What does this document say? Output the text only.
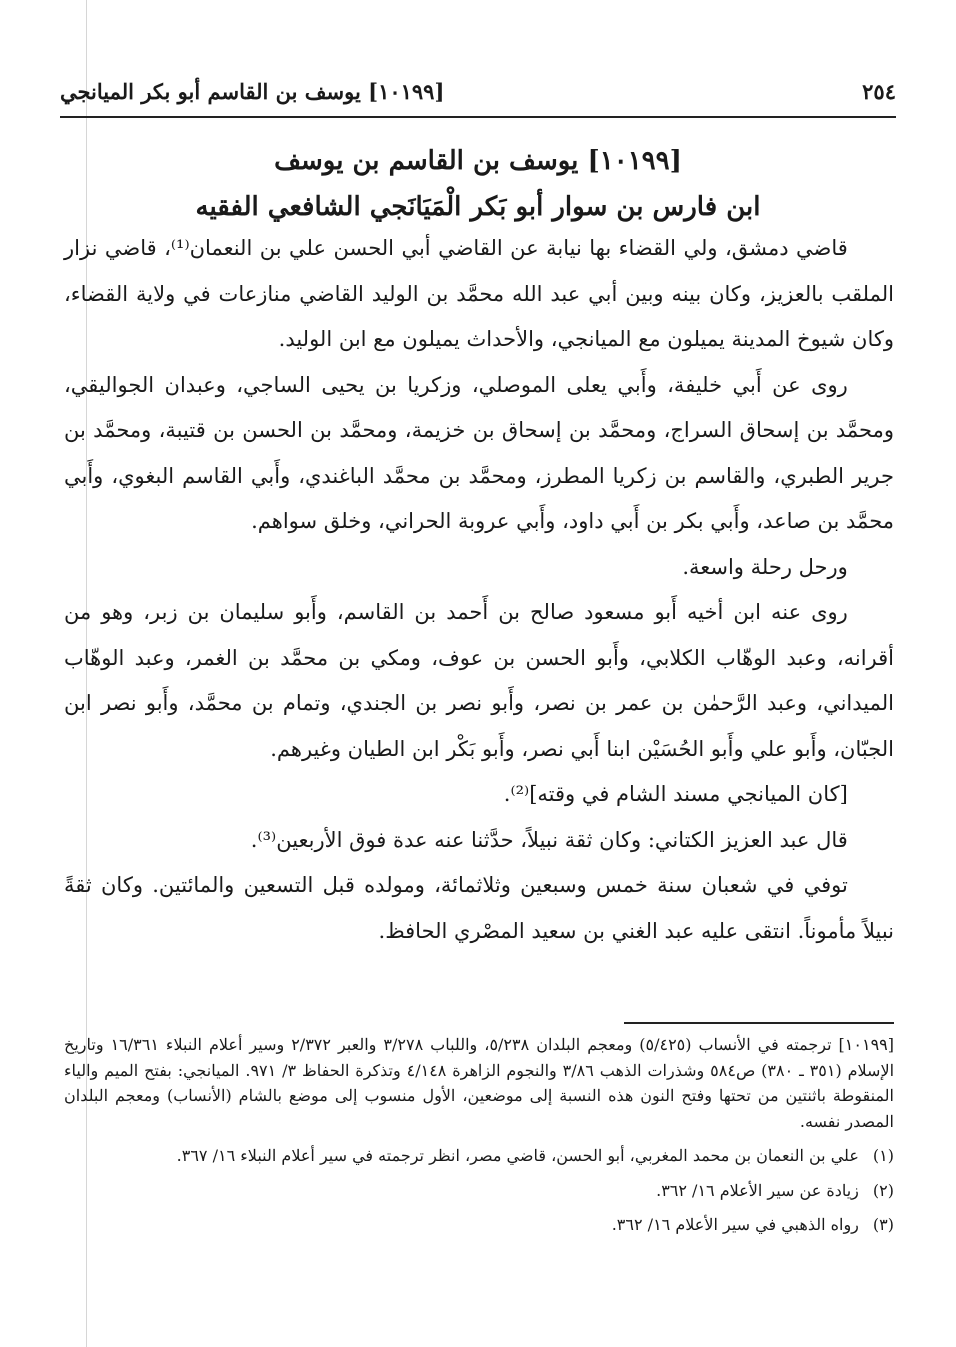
٢٥٤
[١٠١٩٩] يوسف بن القاسم أبو بكر الميانجي
[١٠١٩٩] يوسف بن القاسم بن يوسف
ابن فارس بن سوار أبو بَكر الْمَيَانَجي الشافعي الفقيه

قاضي دمشق، ولي القضاء بها نيابة عن القاضي أبي الحسن علي بن النعمان⁽¹⁾، قاضي نزار الملقب بالعزيز، وكان بينه وبين أبي عبد الله محمَّد بن الوليد القاضي منازعات في ولاية القضاء، وكان شيوخ المدينة يميلون مع الميانجي، والأحداث يميلون مع ابن الوليد.

روى عن أَبي خليفة، وأَبي يعلى الموصلي، وزكريا بن يحيى الساجي، وعبدان الجواليقي، ومحمَّد بن إسحاق السراج، ومحمَّد بن إسحاق بن خزيمة، ومحمَّد بن الحسن بن قتيبة، ومحمَّد بن جرير الطبري، والقاسم بن زكريا المطرز، ومحمَّد بن محمَّد الباغندي، وأَبي القاسم البغوي، وأَبي محمَّد بن صاعد، وأَبي بكر بن أَبي داود، وأَبي عروبة الحراني، وخلق سواهم.

ورحل رحلة واسعة.

روى عنه ابن أخيه أَبو مسعود صالح بن أَحمد بن القاسم، وأَبو سليمان بن زبر، وهو من أقرانه، وعبد الوهّاب الكلابي، وأَبو الحسن بن عوف، ومكي بن محمَّد بن الغمر، وعبد الوهّاب الميداني، وعبد الرَّحمٰن بن عمر بن نصر، وأَبو نصر بن الجندي، وتمام بن محمَّد، وأَبو نصر ابن الجبّان، وأَبو علي وأَبو الحُسَيْن ابنا أَبي نصر، وأَبو بَكْر ابن الطيان وغيرهم.

[كان الميانجي مسند الشام في وقته]⁽²⁾.

قال عبد العزيز الكتاني: وكان ثقة نبيلاً، حدَّثنا عنه عدة فوق الأربعين⁽³⁾.

توفي في شعبان سنة خمس وسبعين وثلاثمائة، ومولده قبل التسعين والمائتين. وكان ثقةً نبيلاً مأموناً. انتقى عليه عبد الغني بن سعيد المصْري الحافظ.

[١٠١٩٩] ترجمته في الأنساب (٥/٤٢٥) ومعجم البلدان ٥/٢٣٨، واللباب ٣/٢٧٨ والعبر ٢/٣٧٢ وسير أعلام النبلاء ١٦/٣٦١ وتاريخ الإسلام (٣٥١ ـ ٣٨٠) ص٥٨٤ وشذرات الذهب ٣/٨٦ والنجوم الزاهرة ٤/١٤٨ وتذكرة الحفاظ ٣/ ٩٧١. الميانجي: بفتح الميم والياء المنقوطة باثنتين من تحتها وفتح النون هذه النسبة إلى موضعين، الأول منسوب إلى موضع بالشام (الأنساب) ومعجم البلدان المصدر نفسه.

(١)
علي بن النعمان بن محمد المغربي، أبو الحسن، قاضي مصر، انظر ترجمته في سير أعلام النبلاء ١٦/ ٣٦٧.

(٢)
زيادة عن سير الأعلام ١٦/ ٣٦٢.

(٣)
رواه الذهبي في سير الأعلام ١٦/ ٣٦٢.
